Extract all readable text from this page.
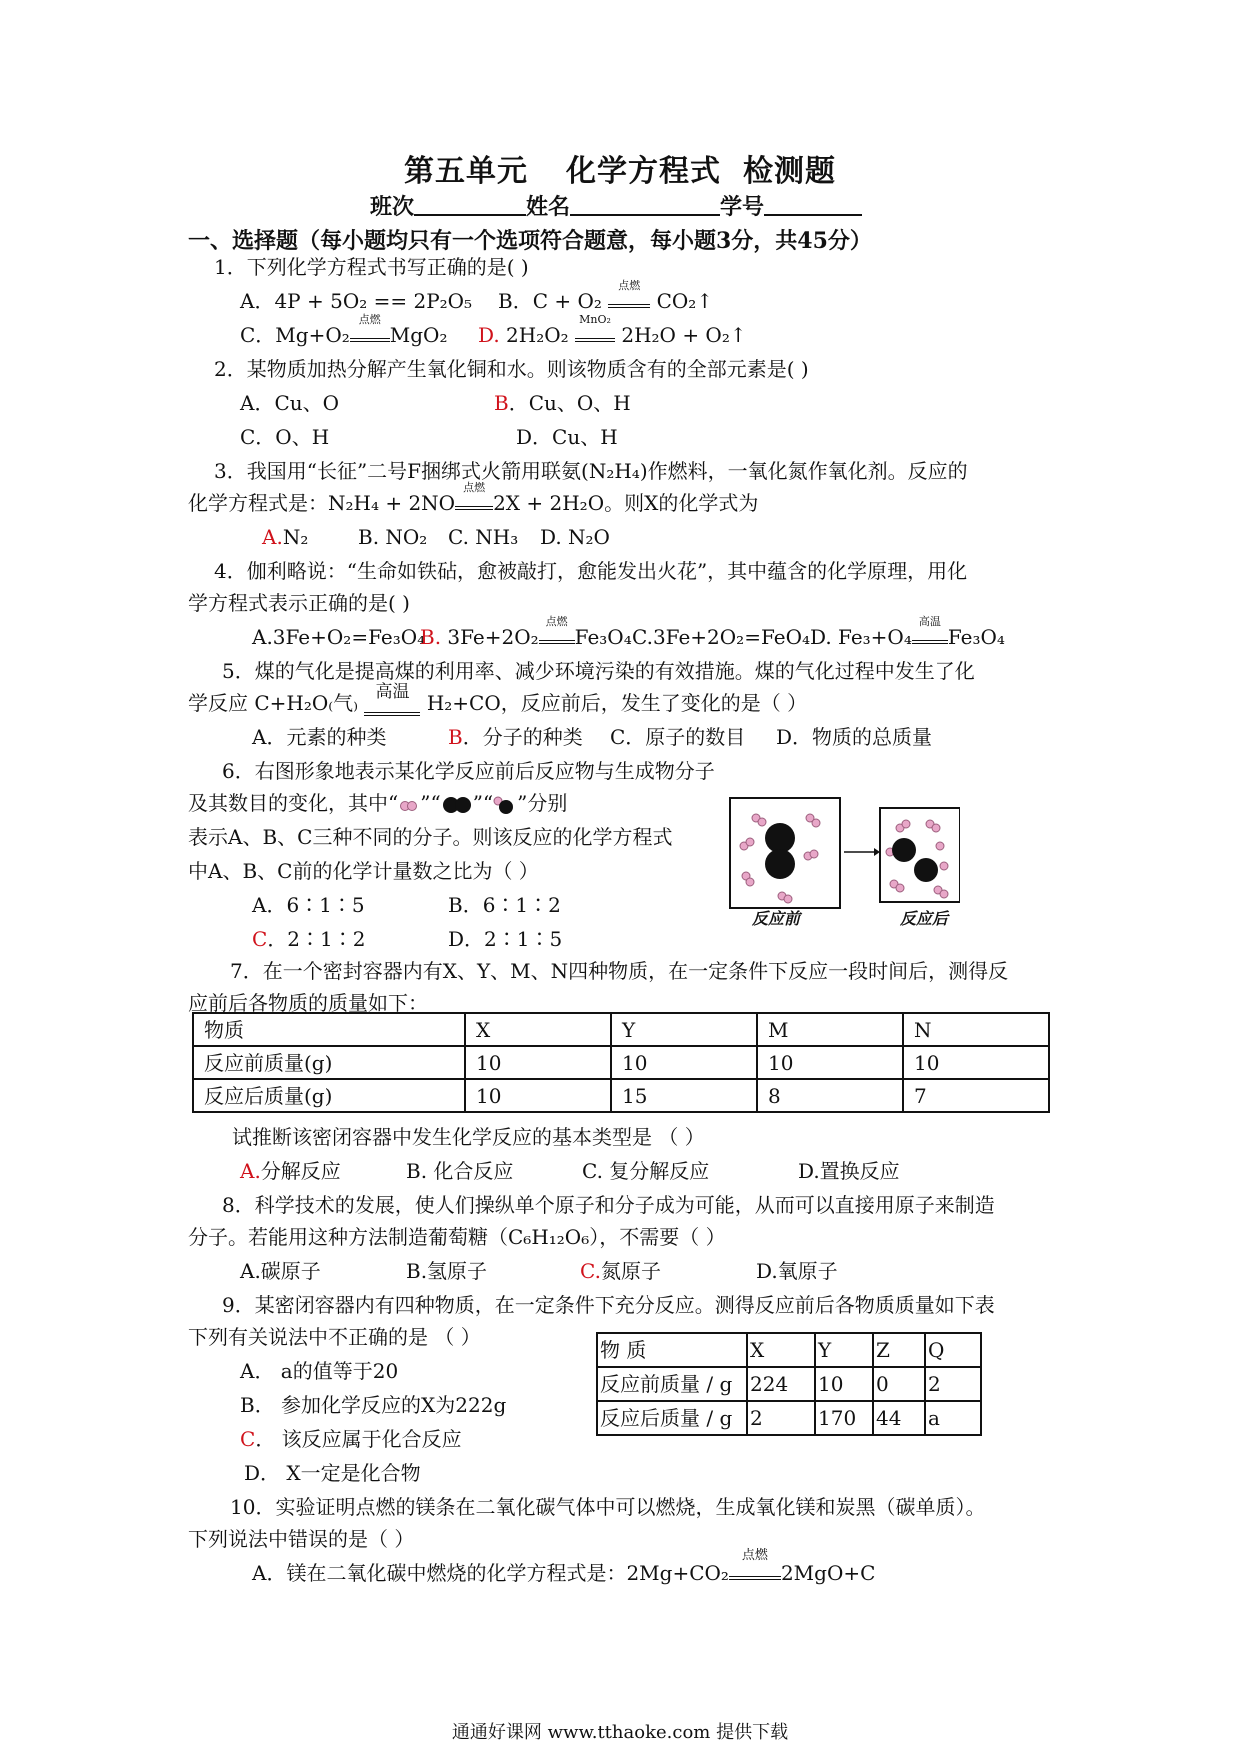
第五单元 化学方程式 检测题
班次	姓名	学号
一、选择题（每小题均只有一个选项符合题意，每小题3分，共45分）
1．下列化学方程式书写正确的是( )
A．4P + 5O₂ == 2P₂O₅ B．C + O₂
点燃
CO₂↑
C．Mg+O₂
点燃
MgO₂ D. 2H₂O₂
MnO₂
2H₂O + O₂↑
2．某物质加热分解产生氧化铜和水。则该物质含有的全部元素是( )
A．Cu、O	B．Cu、O、H
C．O、H	D．Cu、H
3．我国用“长征”二号F捆绑式火箭用联氨(N₂H₄)作燃料，一氧化氮作氧化剂。反应的
化学方程式是：N₂H₄ + 2NO
点燃
2X + 2H₂O。则X的化学式为
A.N₂ B. NO₂ C. NH₃ D. N₂O
4．伽利略说：“生命如铁砧，愈被敲打，愈能发出火花”，其中蕴含的化学原理，用化
学方程式表示正确的是( )
A.3Fe+O₂=Fe₃O₄
B. 3Fe+2O₂
点燃
Fe₃O₄ C.3Fe+2O₂=FeO₄ D. Fe₃+O₄
高温
Fe₃O₄
5．煤的气化是提高煤的利用率、减少环境污染的有效措施。煤的气化过程中发生了化
学反应 C+H₂O₍气₎	高温 H₂+CO，反应前后，发生了变化的是（ ）
A．元素的种类	B．分子的种类 C．原子的数目 D．物质的总质量
6．右图形象地表示某化学反应前后反应物与生成物分子
及其数目的变化，其中“ ”“ ”“ ”分别
表示A、B、C三种不同的分子。则该反应的化学方程式
中A、B、C前的化学计量数之比为（ ）
A．6∶1∶5	B．6∶1∶2
C．2∶1∶2	D．2∶1∶5
反应前	反应后
7．在一个密封容器内有X、Y、M、N四种物质，在一定条件下反应一段时间后，测得反
应前后各物质的质量如下：
物质	X	Y	M	N
反应前质量(g)	10	10	10	10
反应后质量(g)	10	15	8	7
试推断该密闭容器中发生化学反应的基本类型是 （ ）
A.分解反应	B. 化合反应	C. 复分解反应	D.置换反应
8．科学技术的发展，使人们操纵单个原子和分子成为可能，从而可以直接用原子来制造
分子。若能用这种方法制造葡萄糖（C₆H₁₂O₆），不需要（ ）
A.碳原子	B.氢原子	C.氮原子	D.氧原子
9．某密闭容器内有四种物质，在一定条件下充分反应。测得反应前后各物质质量如下表
下列有关说法中不正确的是 （ ）
物 质	X	Y	Z	Q
反应前质量 / g	224	10	0	2
反应后质量 / g	2	170	44	a
A． a的值等于20
B． 参加化学反应的X为222g
C． 该反应属于化合反应
D． X一定是化合物
10．实验证明点燃的镁条在二氧化碳气体中可以燃烧，生成氧化镁和炭黑（碳单质）。
下列说法中错误的是（ ）
A．镁在二氧化碳中燃烧的化学方程式是：2Mg+CO₂
点燃
2MgO+C
通通好课网 www.tthaoke.com 提供下载
